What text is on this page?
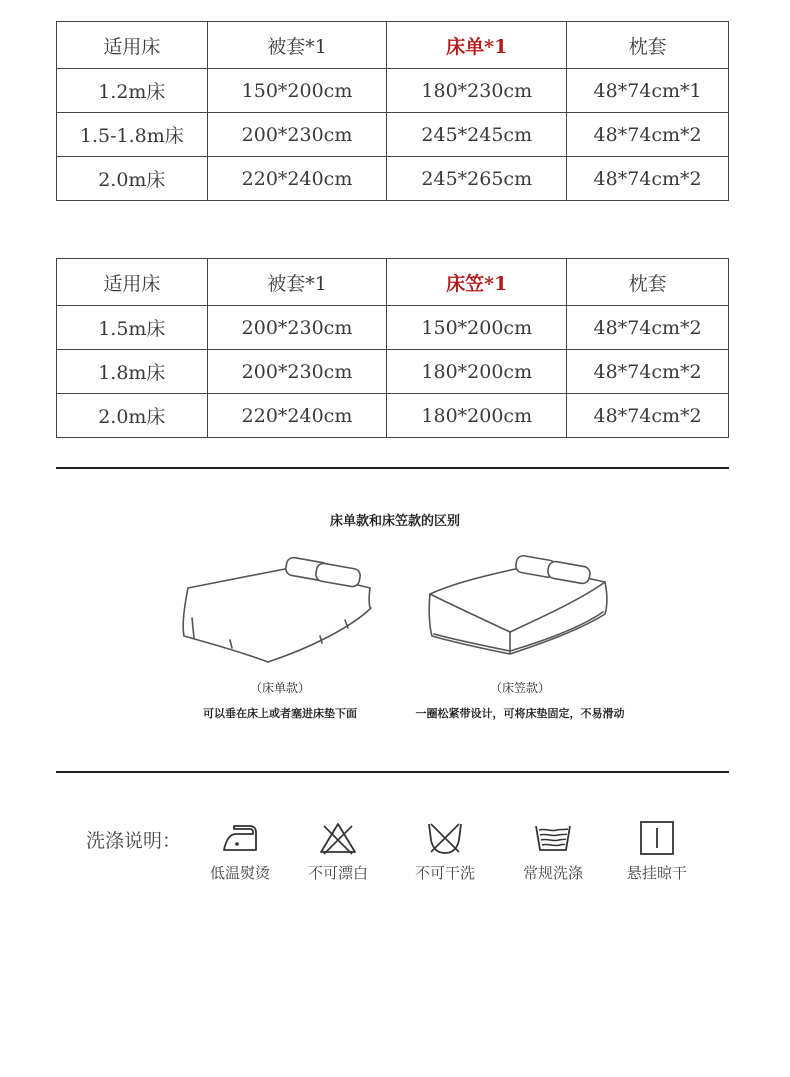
适用床	被套*1	床单*1	枕套
1.2m床	150*200cm	180*230cm	48*74cm*1
1.5-1.8m床	200*230cm	245*245cm	48*74cm*2
2.0m床	220*240cm	245*265cm	48*74cm*2
适用床	被套*1	床笠*1	枕套
1.5m床	200*230cm	150*200cm	48*74cm*2
1.8m床	200*230cm	180*200cm	48*74cm*2
2.0m床	220*240cm	180*200cm	48*74cm*2
床单款和床笠款的区别
（床单款）
可以垂在床上或者塞进床垫下面
（床笠款）
一圈松紧带设计，可将床垫固定，不易滑动
洗涤说明：
低温熨烫	不可漂白	不可干洗	常规洗涤	悬挂晾干
